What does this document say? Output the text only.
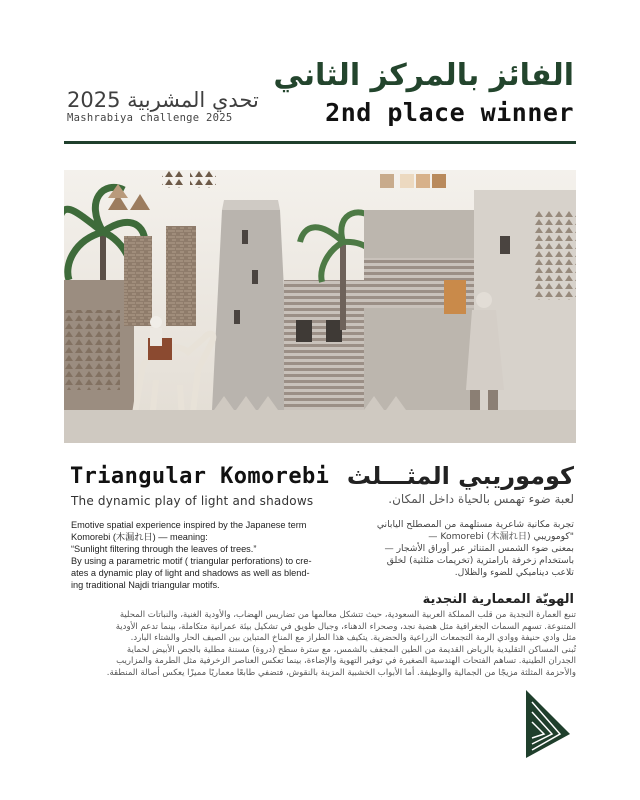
تحدي المشربية 2025
Mashrabiya challenge 2025
الفائز بالمركز الثاني
2nd place winner
Triangular Komorebi
The dynamic play of light and shadows
كوموريبي المثـــلث
لعبة ضوء تهمس بالحياة داخل المكان.

Emotive spatial experience inspired by the Japanese term

Komorebi (木漏れ日) — meaning:

“Sunlight filtering through the leaves of trees.”

By using a parametric motif ( triangular perforations) to cre-

ates a dynamic play of light and shadows as well as blend-

ing traditional Najdi triangular motifs.

تجربة مكانية شاعرية مستلهمة من المصطلح الياباني

"كوموريبي (木漏れ日) Komorebi —

بمعنى ضوء الشمس المتناثر عبر أوراق الأشجار —

باستخدام زخرفة بارامترية (تخريمات مثلثية) لخلق

تلاعب ديناميكي للضوء والظلال.

الهويّة المعمارية النجدية

تنبع العمارة النجدية من قلب المملكة العربية السعودية، حيث تتشكل معالمها من تضاريس الهضاب، والأودية الغنية، والنباتات المحلية

المتنوعة. تسهم السمات الجغرافية مثل هضبة نجد، وصحراء الدهناء، وجبال طويق في تشكيل بيئة عمرانية متكاملة، بينما تدعم الأودية

مثل وادي حنيفة ووادي الرمة التجمعات الزراعية والحضرية. يتكيف هذا الطراز مع المناخ المتباين بين الصيف الحار والشتاء البارد.

تُبنى المساكن التقليدية بالرياض القديمة من الطين المجفف بالشمس، مع سترة سطح (دروة) مسننة مطلية بالجص الأبيض لحماية

الجدران الطينية. تساهم الفتحات الهندسية الصغيرة في توفير التهوية والإضاءة، بينما تعكس العناصر الزخرفية مثل الطرمة والمزاريب

والأحزمة المثلثة مزيجًا من الجمالية والوظيفة. أما الأبواب الخشبية المزينة بالنقوش، فتضفي طابعًا معماريًا مميزًا يعكس أصالة المنطقة.
